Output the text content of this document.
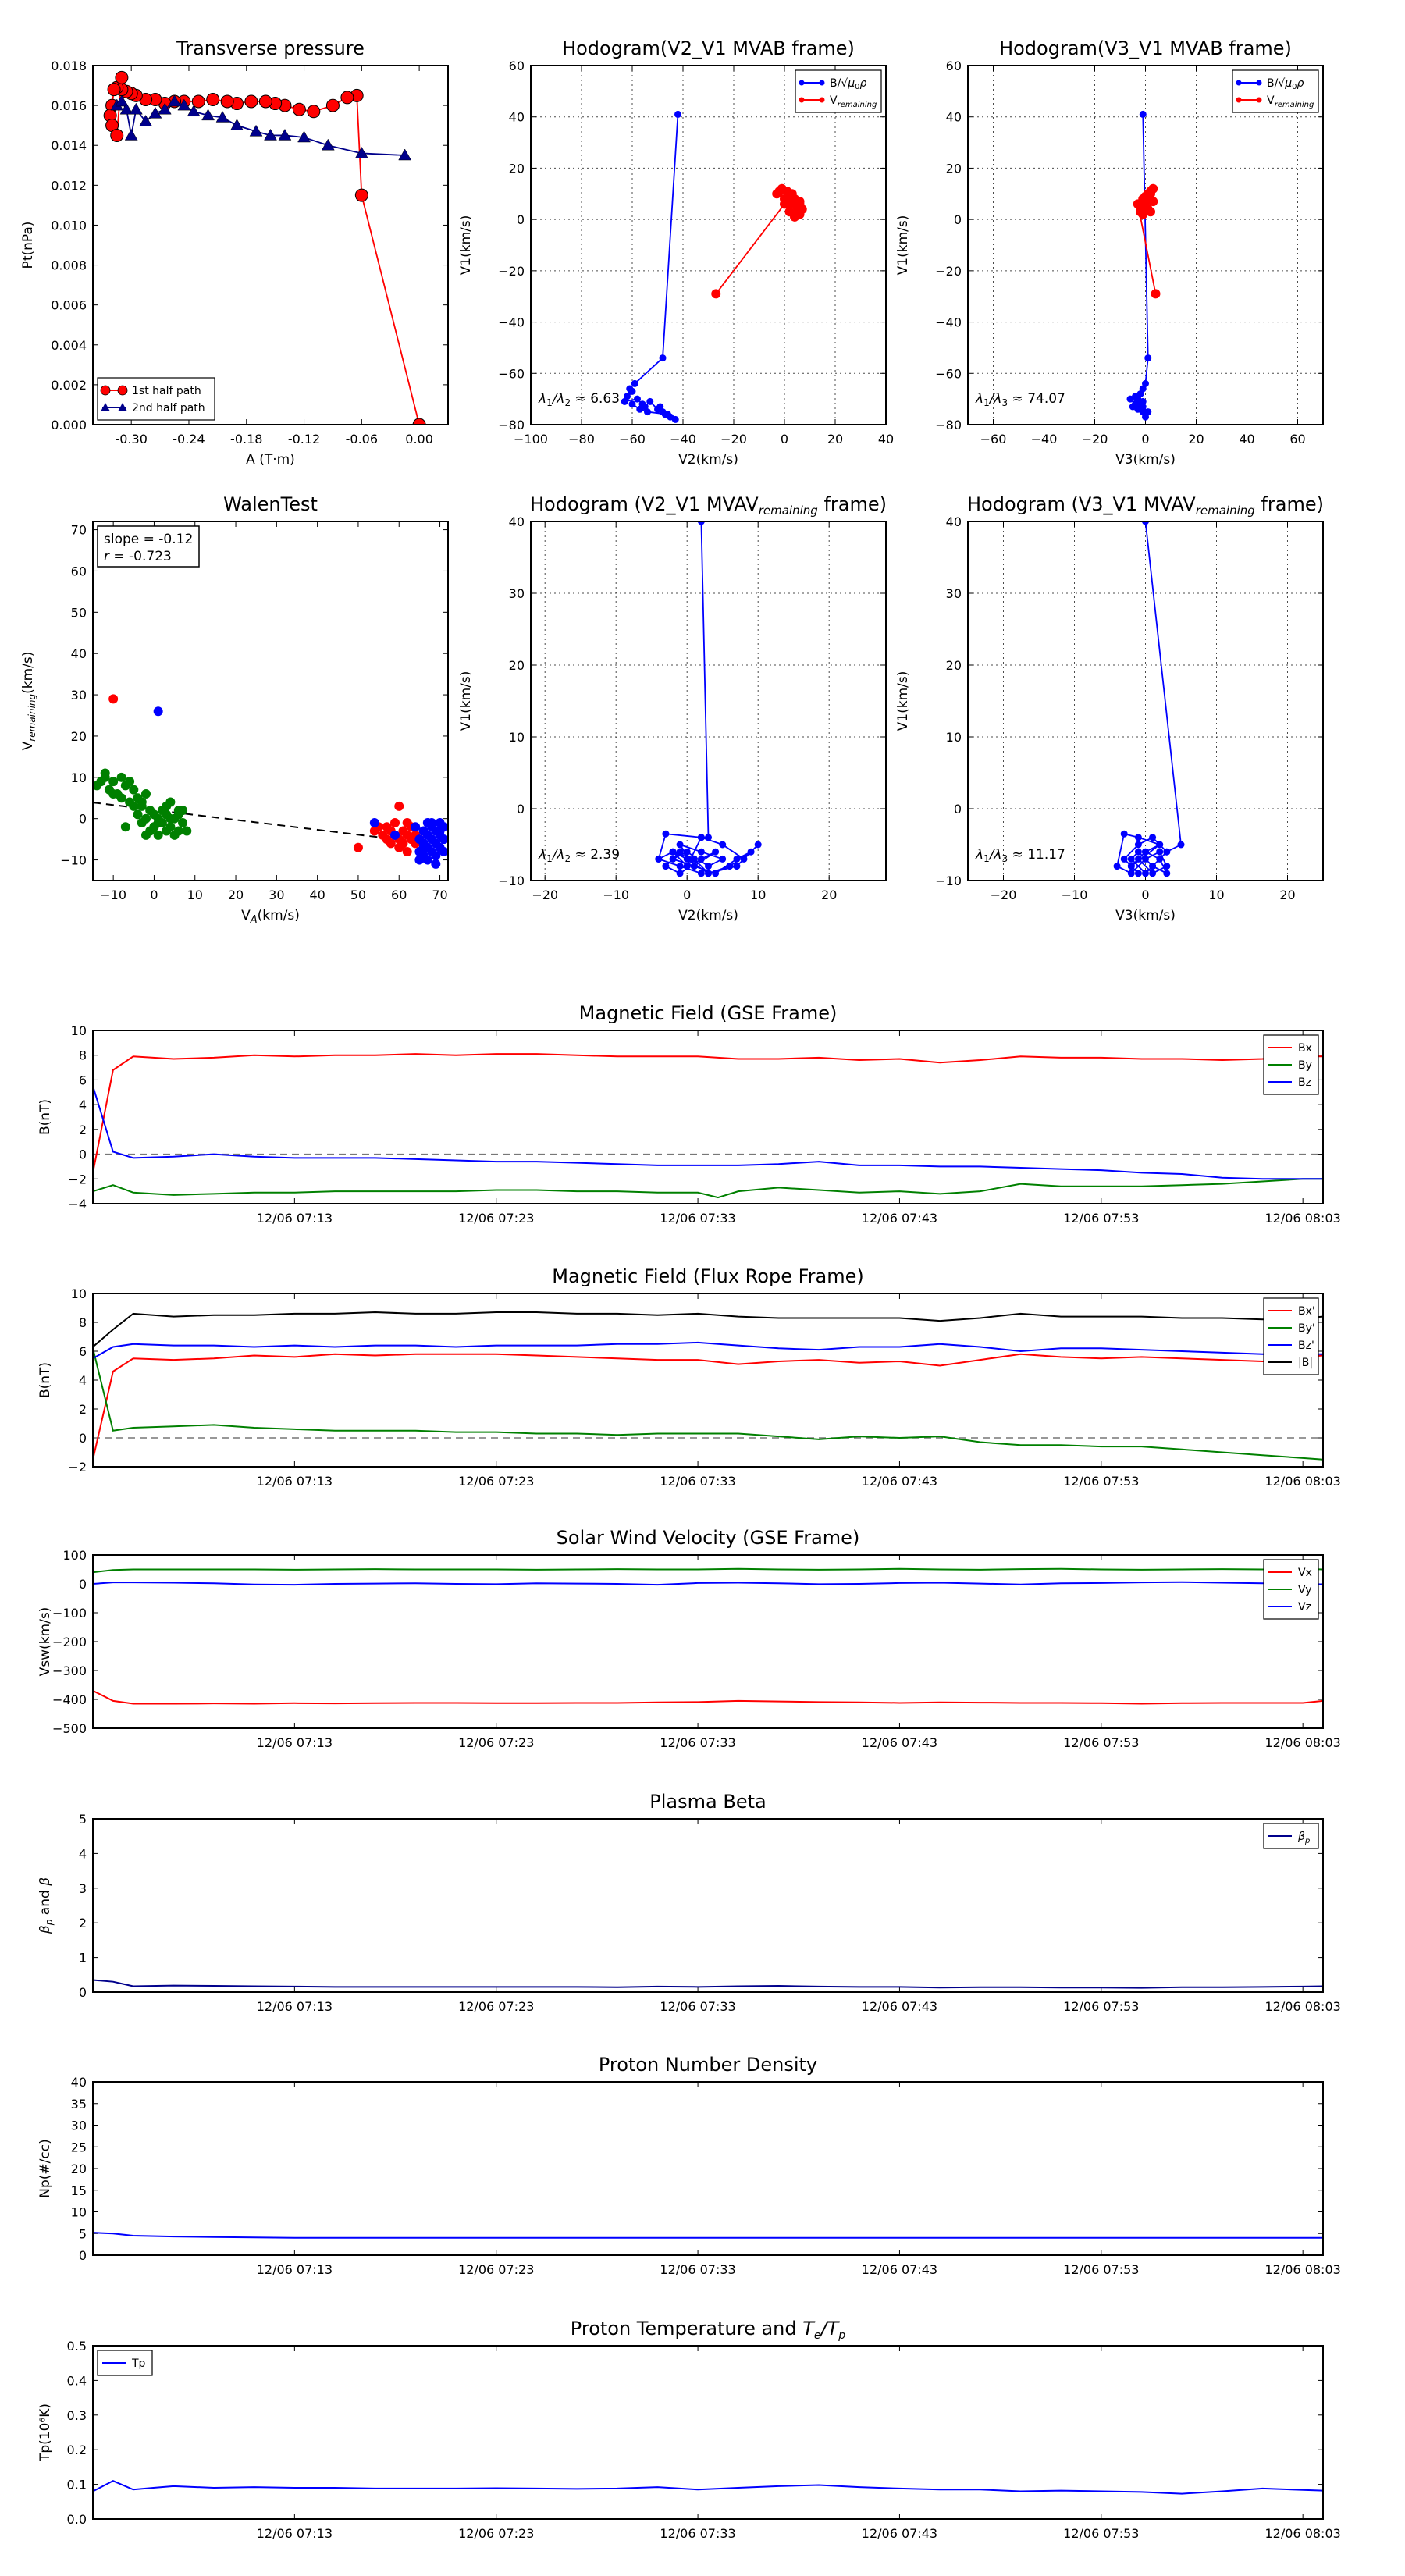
Transverse pressure
0.000
0.002
0.004
0.006
0.008
0.010
0.012
0.014
0.016
0.018
-0.30 -0.24 -0.18 -0.12 -0.06 0.00
A (T·m)
Pt(nPa)
1st half path
2nd half path
Hodogram(V2_V1 MVAB frame)
−80
−60
−40
−20
0
20
40
60
−100 −80 −60 −40 −20	0	20	40
V2(km/s)
V1(km/s)
$\lambda_1/\lambda_2 \approx 6.63$
$B/√\mu_0\rho$
$V_{remaining}$
Hodogram(V3_V1 MVAB frame)
−80
−60
−40
−20
0
20
40
60
−60 −40 −20	0	20	40	60
V3(km/s)
V1(km/s)
$\lambda_1/\lambda_3 \approx 74.07$
$B/√\mu_0\rho$
$V_{remaining}$
WalenTest
−10
0
10
20
30
40
50
60
70
−10 0 10 20 30 40 50 60 70
$V_A(km/s)$
$V_{remaining}(km/s)$
slope = -0.12
r = -0.723
Hodogram (V2_V1 $MVAV_{remaining}$ frame)
−10
0
10
20
30
40
−20	−10	0	10	20
V2(km/s)
V1(km/s)
$\lambda_1/\lambda_2 \approx 2.39$
Hodogram (V3_V1 $MVAV_{remaining}$ frame)
−10
0
10
20
30
40
−20	−10	0	10	20
V3(km/s)
V1(km/s)
$\lambda_1/\lambda_3 \approx 11.17$
Magnetic Field (GSE Frame)
−4
−2
0
2
4
6
8
10
12/06 07:13	12/06 07:23	12/06 07:33	12/06 07:43	12/06 07:53	12/06 08:03
B(nT)
Bx
By
Bz
Magnetic Field (Flux Rope Frame)
−2
0
2
4
6
8
10
12/06 07:13	12/06 07:23	12/06 07:33	12/06 07:43	12/06 07:53	12/06 08:03
B(nT)
Bx'
By'
Bz'
|B|
Solar Wind Velocity (GSE Frame)
−500
−400
−300
−200
−100
0
100
12/06 07:13	12/06 07:23	12/06 07:33	12/06 07:43	12/06 07:53	12/06 08:03
Vsw(km/s)
Vx
Vy
Vz
Plasma Beta
0
1
2
3
4
5
12/06 07:13	12/06 07:23	12/06 07:33	12/06 07:43	12/06 07:53	12/06 08:03
$\beta_p$ and β
$\beta_p$
Proton Number Density
0
5
10
15
20
25
30
35
40
12/06 07:13	12/06 07:23	12/06 07:33	12/06 07:43	12/06 07:53	12/06 08:03
Np(#/cc)
Proton Temperature and $T_e/T_p$
0.0
0.1
0.2
0.3
0.4
0.5
12/06 07:13	12/06 07:23	12/06 07:33	12/06 07:43	12/06 07:53	12/06 08:03
Tp(10⁶K)
Tp
